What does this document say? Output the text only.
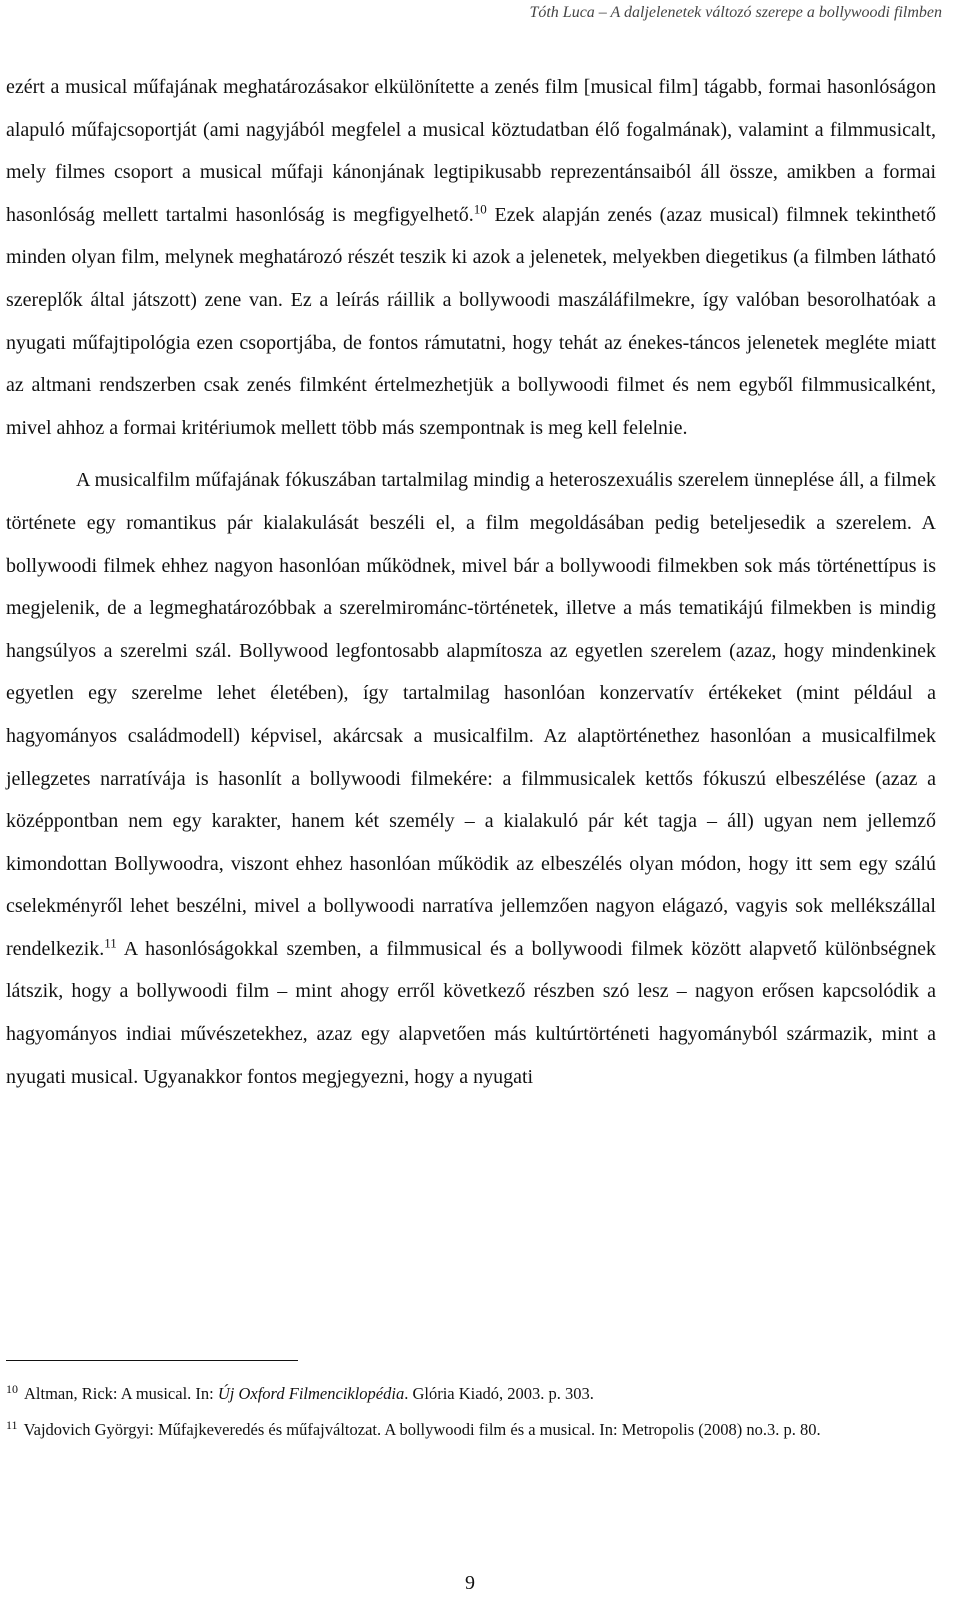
Tóth Luca – A daljelenetek változó szerepe a bollywoodi filmben

ezért a musical műfajának meghatározásakor elkülönítette a zenés film [musical film] tágabb, formai hasonlóságon alapuló műfajcsoportját (ami nagyjából megfelel a musical köztudatban élő fogalmának), valamint a filmmusicalt, mely filmes csoport a musical műfaji kánonjának legtipikusabb reprezentánsaiból áll össze, amikben a formai hasonlóság mellett tartalmi hasonlóság is megfigyelhető.$^{10}$ Ezek alapján zenés (azaz musical) filmnek tekinthető minden olyan film, melynek meghatározó részét teszik ki azok a jelenetek, melyekben diegetikus (a filmben látható szereplők által játszott) zene van. Ez a leírás ráillik a bollywoodi maszáláfilmekre, így valóban besorolhatóak a nyugati műfajtipológia ezen csoportjába, de fontos rámutatni, hogy tehát az énekes-táncos jelenetek megléte miatt az altmani rendszerben csak zenés filmként értelmezhetjük a bollywoodi filmet és nem egyből filmmusicalként, mivel ahhoz a formai kritériumok mellett több más szempontnak is meg kell felelnie.

A musicalfilm műfajának fókuszában tartalmilag mindig a heteroszexuális szerelem ünneplése áll, a filmek története egy romantikus pár kialakulását beszéli el, a film megoldásában pedig beteljesedik a szerelem. A bollywoodi filmek ehhez nagyon hasonlóan működnek, mivel bár a bollywoodi filmekben sok más történettípus is megjelenik, de a legmeghatározóbbak a szerelmirománc-történetek, illetve a más tematikájú filmekben is mindig hangsúlyos a szerelmi szál. Bollywood legfontosabb alapmítosza az egyetlen szerelem (azaz, hogy mindenkinek egyetlen egy szerelme lehet életében), így tartalmilag hasonlóan konzervatív értékeket (mint például a hagyományos családmodell) képvisel, akárcsak a musicalfilm. Az alaptörténethez hasonlóan a musicalfilmek jellegzetes narratívája is hasonlít a bollywoodi filmekére: a filmmusicalek kettős fókuszú elbeszélése (azaz a középpontban nem egy karakter, hanem két személy – a kialakuló pár két tagja – áll) ugyan nem jellemző kimondottan Bollywoodra, viszont ehhez hasonlóan működik az elbeszélés olyan módon, hogy itt sem egy szálú cselekményről lehet beszélni, mivel a bollywoodi narratíva jellemzően nagyon elágazó, vagyis sok mellékszállal rendelkezik.$^{11}$ A hasonlóságokkal szemben, a filmmusical és a bollywoodi filmek között alapvető különbségnek látszik, hogy a bollywoodi film – mint ahogy erről következő részben szó lesz – nagyon erősen kapcsolódik a hagyományos indiai művészetekhez, azaz egy alapvetően más kultúrtörténeti hagyományból származik, mint a nyugati musical. Ugyanakkor fontos megjegyezni, hogy a nyugati

$^{10}$ Altman, Rick: A musical. In: Új Oxford Filmenciklopédia. Glória Kiadó, 2003. p. 303.

$^{11}$ Vajdovich Györgyi: Műfajkeveredés és műfajváltozat. A bollywoodi film és a musical. In: Metropolis (2008) no.3. p. 80.

9
